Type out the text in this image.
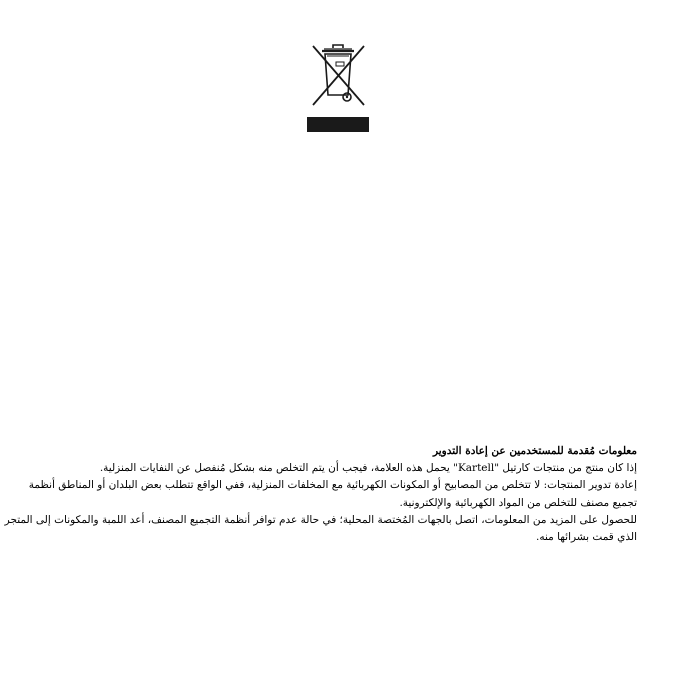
معلومات مُقدمة للمستخدمين عن إعادة التدوير
إذا كان منتج من منتجات كارتيل "Kartell" يحمل هذه العلامة، فيجب أن يتم التخلص منه بشكل مُنفصل عن النفايات المنزلية.
إعادة تدوير المنتجات: لا تتخلص من المصابيح أو المكونات الكهربائية مع المخلفات المنزلية، ففي الواقع تتطلب بعض البلدان أو المناطق أنظمة
تجميع مصنف للتخلص من المواد الكهربائية والإلكترونية.
للحصول على المزيد من المعلومات، اتصل بالجهات المُختصة المحلية؛ في حالة عدم توافر أنظمة التجميع المصنف، أعد اللمبة والمكونات إلى المتجر
الذي قمت بشرائها منه.
